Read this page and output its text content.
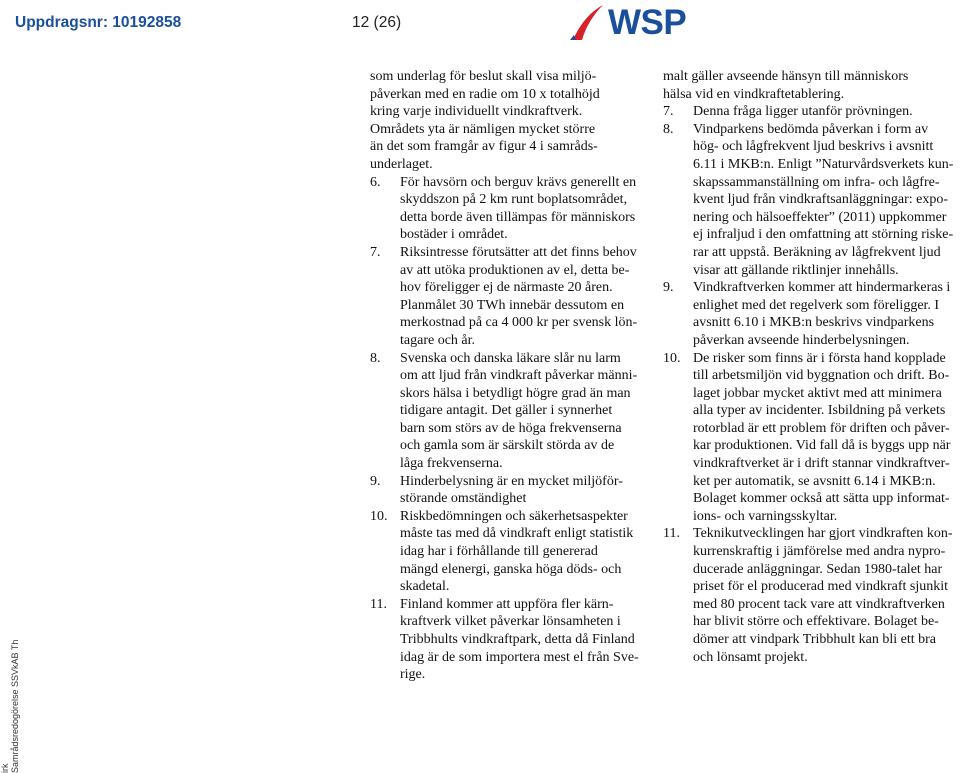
Uppdragsnr: 10192858	12 (26)	WSP
irk Samrådsredogörelse SSVkAB Th

som underlag för beslut skall visa miljö-

påverkan med en radie om 10 x totalhöjd

kring varje individuellt vindkraftverk.

Områdets yta är nämligen mycket större

än det som framgår av figur 4 i samråds-

underlaget.

6.	För havsörn och berguv krävs generellt en

skyddszon på 2 km runt boplatsområdet,

detta borde även tillämpas för människors

bostäder i området.

7.	Riksintresse förutsätter att det finns behov

av att utöka produktionen av el, detta be-

hov föreligger ej de närmaste 20 åren.

Planmålet 30 TWh innebär dessutom en

merkostnad på ca 4 000 kr per svensk lön-

tagare och år.

8.	Svenska och danska läkare slår nu larm

om att ljud från vindkraft påverkar männi-

skors hälsa i betydligt högre grad än man

tidigare antagit. Det gäller i synnerhet

barn som störs av de höga frekvenserna

och gamla som är särskilt störda av de

låga frekvenserna.

9.	Hinderbelysning är en mycket miljöför-

störande omständighet

10. Riskbedömningen och säkerhetsaspekter

måste tas med då vindkraft enligt statistik

idag har i förhållande till genererad

mängd elenergi, ganska höga döds- och

skadetal.

11. Finland kommer att uppföra fler kärn-

kraftverk vilket påverkar lönsamheten i

Tribbhults vindkraftpark, detta då Finland

idag är de som importera mest el från Sve-

rige.

malt gäller avseende hänsyn till människors

hälsa vid en vindkraftetablering.

7.	Denna fråga ligger utanför prövningen.

8.	Vindparkens bedömda påverkan i form av

hög- och lågfrekvent ljud beskrivs i avsnitt

6.11 i MKB:n. Enligt ”Naturvårdsverkets kun-

skapssammanställning om infra- och lågfre-

kvent ljud från vindkraftsanläggningar: expo-

nering och hälsoeffekter” (2011) uppkommer

ej infraljud i den omfattning att störning riske-

rar att uppstå. Beräkning av lågfrekvent ljud

visar att gällande riktlinjer innehålls.

9.	Vindkraftverken kommer att hindermarkeras i

enlighet med det regelverk som föreligger. I

avsnitt 6.10 i MKB:n beskrivs vindparkens

påverkan avseende hinderbelysningen.

10. De risker som finns är i första hand kopplade

till arbetsmiljön vid byggnation och drift. Bo-

laget jobbar mycket aktivt med att minimera

alla typer av incidenter. Isbildning på verkets

rotorblad är ett problem för driften och påver-

kar produktionen. Vid fall då is byggs upp när

vindkraftverket är i drift stannar vindkraftver-

ket per automatik, se avsnitt 6.14 i MKB:n.

Bolaget kommer också att sätta upp informat-

ions- och varningsskyltar.

11. Teknikutvecklingen har gjort vindkraften kon-

kurrenskraftig i jämförelse med andra nypro-

ducerade anläggningar. Sedan 1980-talet har

priset för el producerad med vindkraft sjunkit

med 80 procent tack vare att vindkraftverken

har blivit större och effektivare. Bolaget be-

dömer att vindpark Tribbhult kan bli ett bra

och lönsamt projekt.
